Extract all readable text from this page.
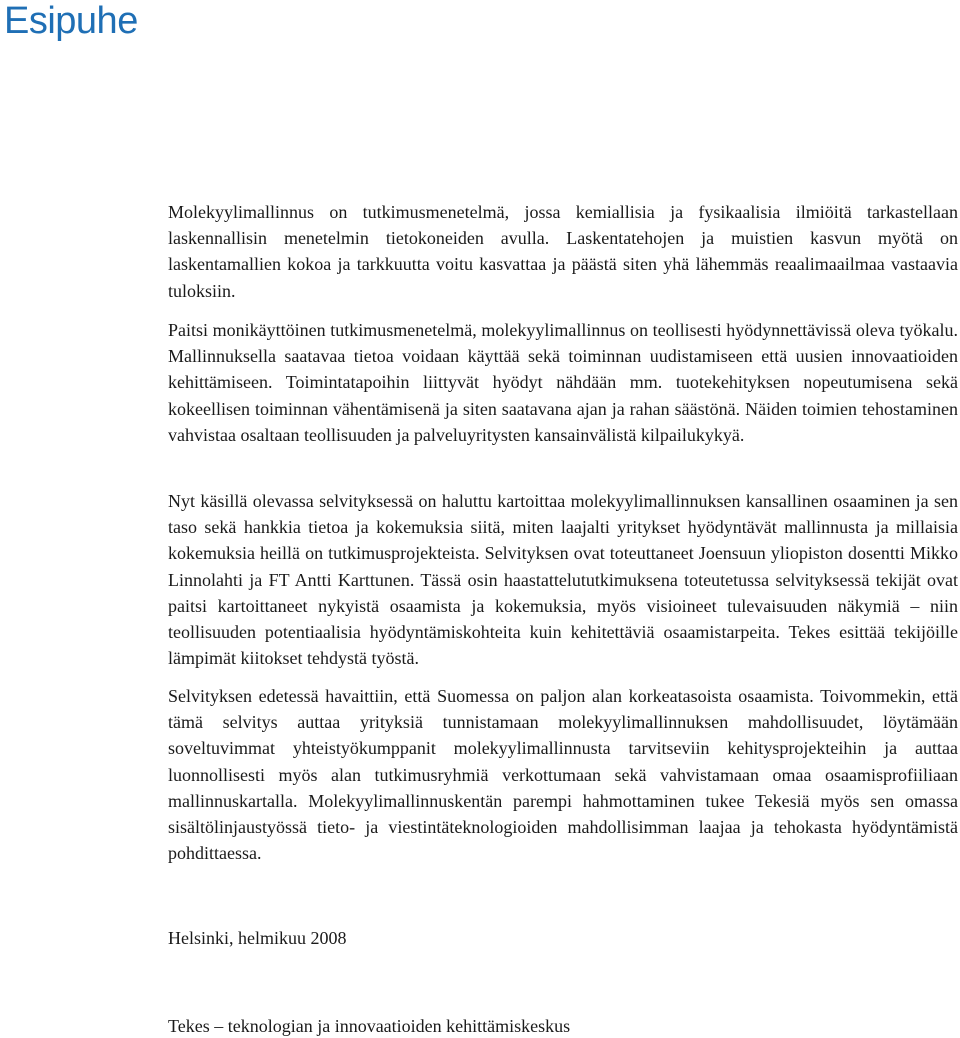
Esipuhe

Molekyylimallinnus on tutkimusmenetelmä, jossa kemiallisia ja fysikaalisia ilmiöitä tarkastellaan laskennallisin menetelmin tietokoneiden avulla. Laskentatehojen ja muistien kasvun myötä on laskentamallien kokoa ja tarkkuutta voitu kasvattaa ja päästä siten yhä lähemmäs reaalimaailmaa vastaavia tuloksiin.

Paitsi monikäyttöinen tutkimusmenetelmä, molekyylimallinnus on teollisesti hyödynnettävissä oleva työkalu. Mallinnuksella saatavaa tietoa voidaan käyttää sekä toiminnan uudistamiseen että uusien innovaatioiden kehittämiseen. Toimintatapoihin liittyvät hyödyt nähdään mm. tuotekehityksen nopeutumisena sekä kokeellisen toiminnan vähentämisenä ja siten saatavana ajan ja rahan säästönä. Näiden toimien tehostaminen vahvistaa osaltaan teollisuuden ja palveluyritysten kansainvälistä kilpailukykyä.

Nyt käsillä olevassa selvityksessä on haluttu kartoittaa molekyylimallinnuksen kansallinen osaaminen ja sen taso sekä hankkia tietoa ja kokemuksia siitä, miten laajalti yritykset hyödyntävät mallinnusta ja millaisia kokemuksia heillä on tutkimusprojekteista. Selvityksen ovat toteuttaneet Joensuun yliopiston dosentti Mikko Linnolahti ja FT Antti Karttunen. Tässä osin haastattelututkimuksena toteutetussa selvityksessä tekijät ovat paitsi kartoittaneet nykyistä osaamista ja kokemuksia, myös visioineet tulevaisuuden näkymiä – niin teollisuuden potentiaalisia hyödyntämiskohteita kuin kehitettäviä osaamistarpeita. Tekes esittää tekijöille lämpimät kiitokset tehdystä työstä.

Selvityksen edetessä havaittiin, että Suomessa on paljon alan korkeatasoista osaamista. Toivommekin, että tämä selvitys auttaa yrityksiä tunnistamaan molekyylimallinnuksen mahdollisuudet, löytämään soveltuvimmat yhteistyökumppanit molekyylimallinnusta tarvitseviin kehitysprojekteihin ja auttaa luonnollisesti myös alan tutkimusryhmiä verkottumaan sekä vahvistamaan omaa osaamisprofiiliaan mallinnuskartalla. Molekyylimallinnuskentän parempi hahmottaminen tukee Tekesiä myös sen omassa sisältölinjaustyössä tieto- ja viestintäteknologioiden mahdollisimman laajaa ja tehokasta hyödyntämistä pohdittaessa.

Helsinki, helmikuu 2008

Tekes – teknologian ja innovaatioiden kehittämiskeskus
